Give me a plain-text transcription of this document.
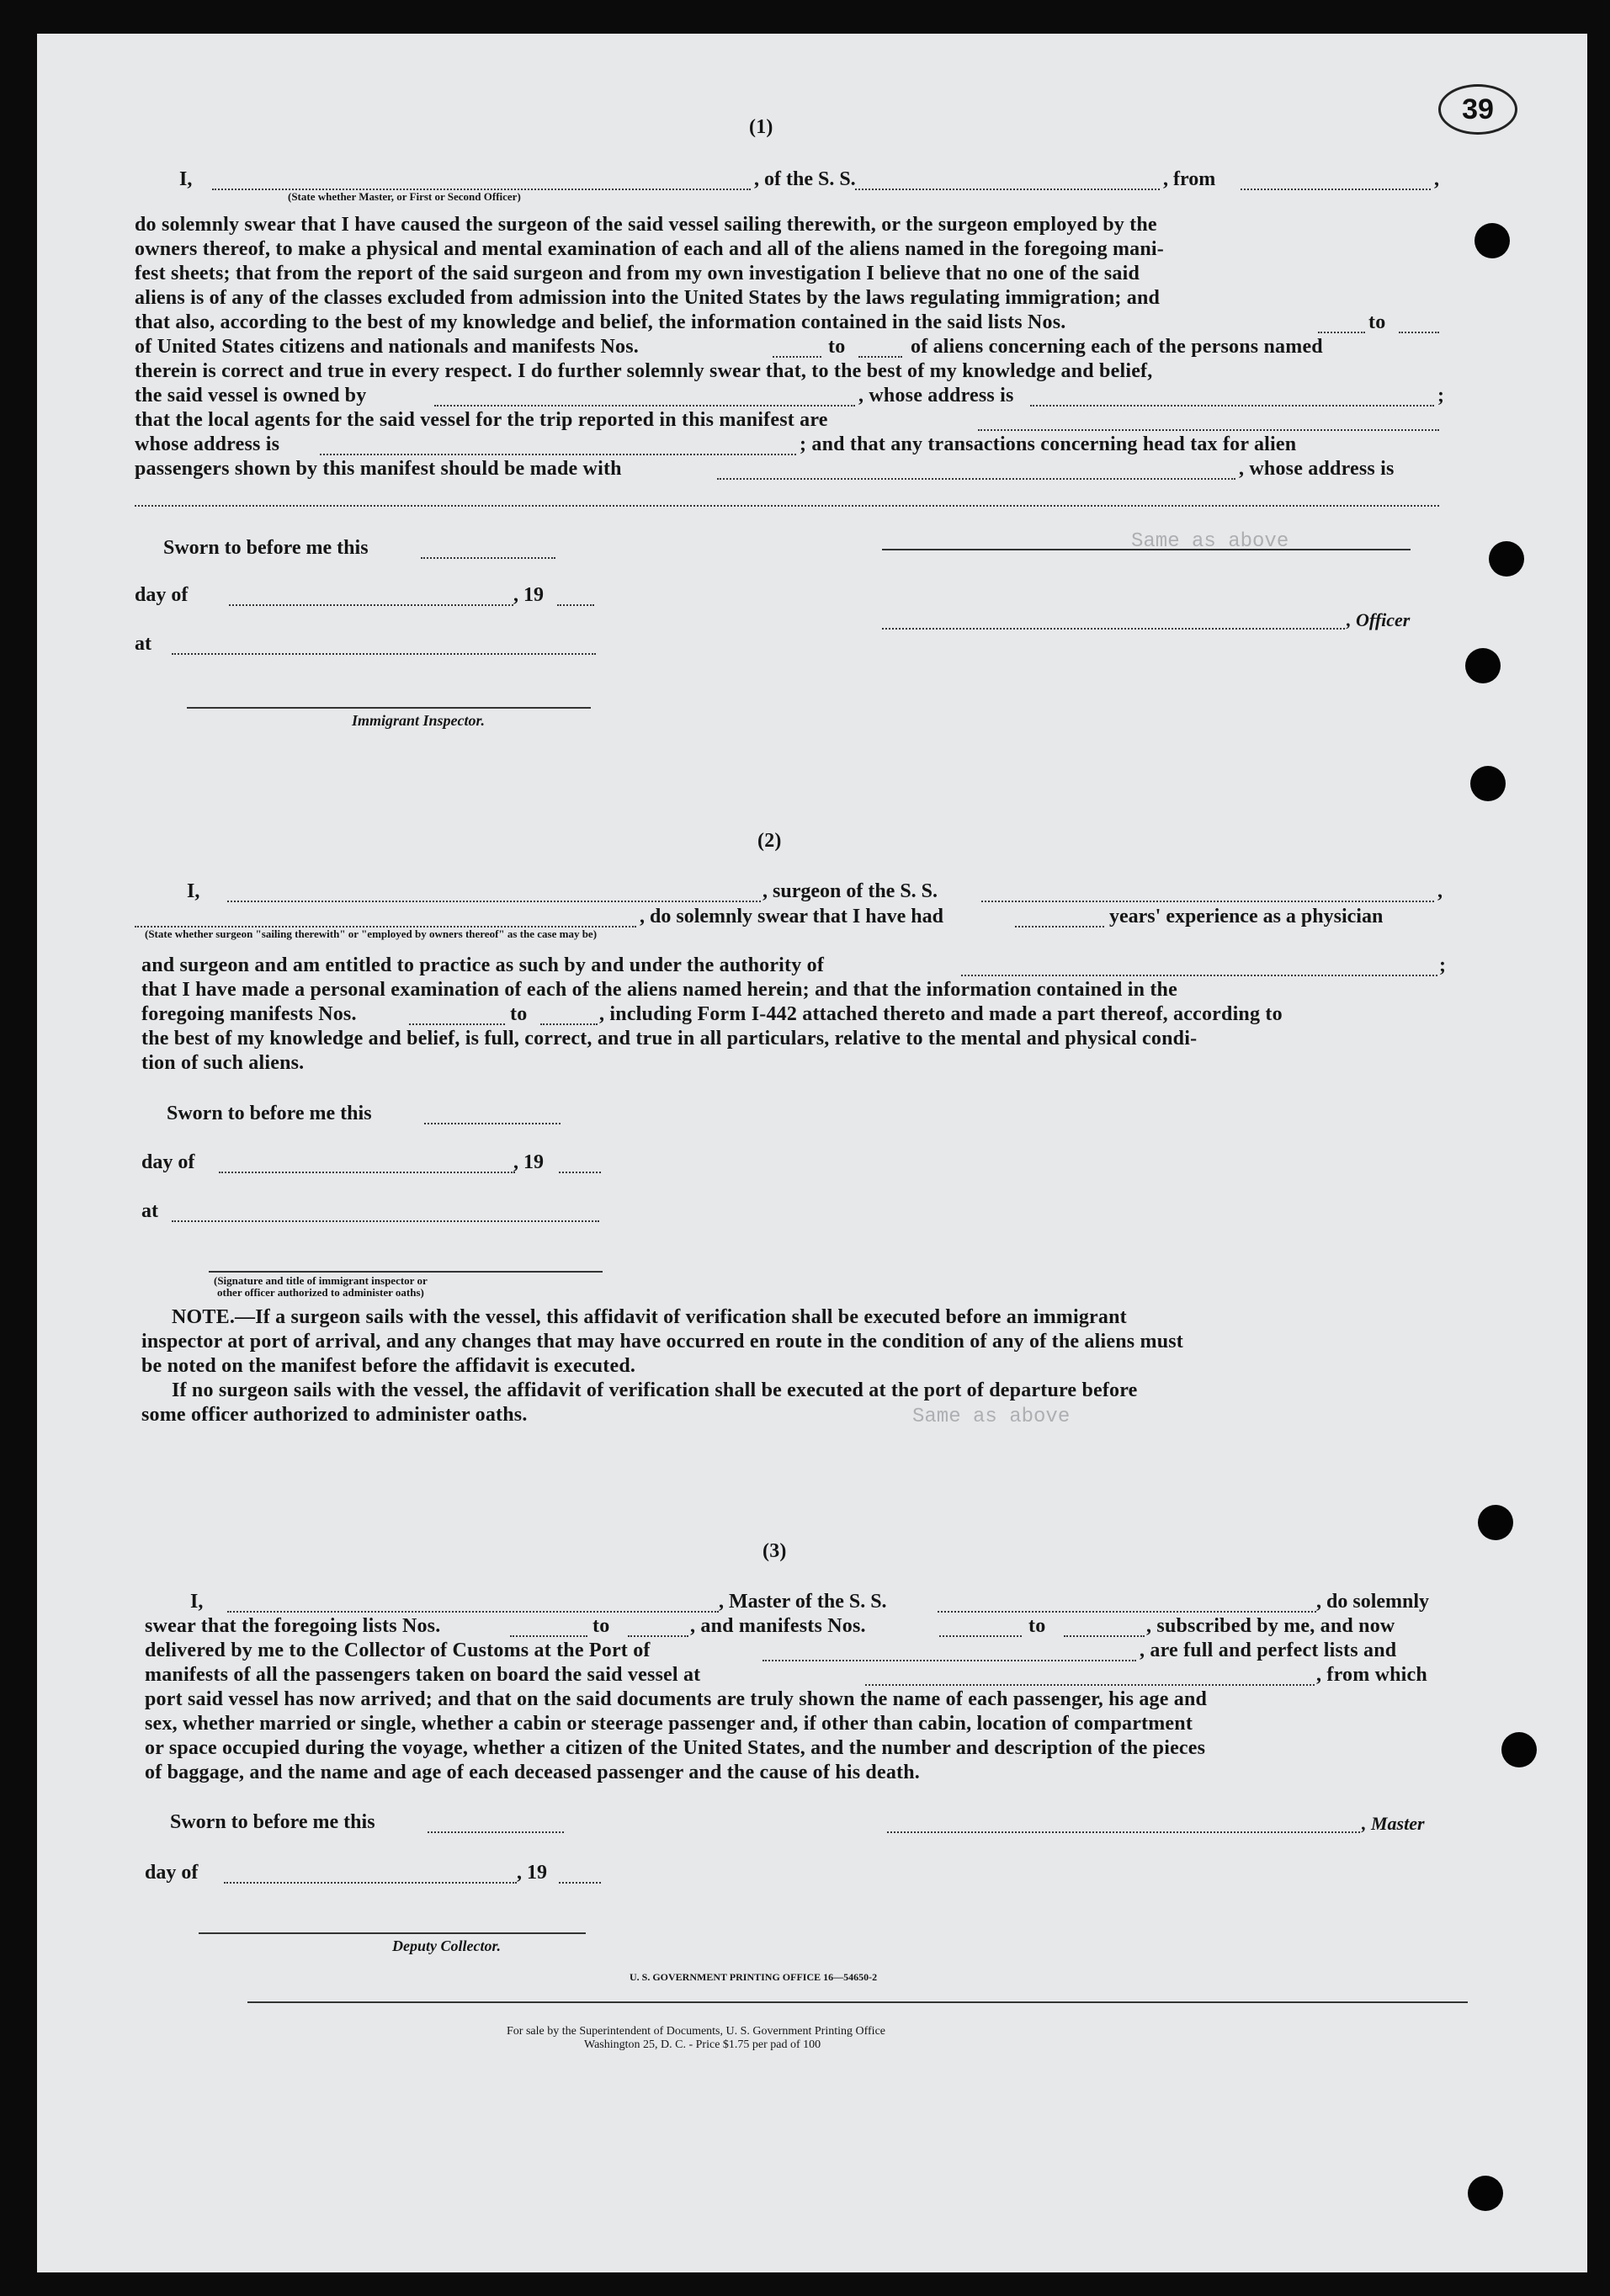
39
Same as above
Same as above
(1)
I,	, of the S. S.	, from	,
(State whether Master, or First or Second Officer)
do solemnly swear that I have caused the surgeon of the said vessel sailing therewith, or the surgeon employed by the
owners thereof, to make a physical and mental examination of each and all of the aliens named in the foregoing mani-
fest sheets; that from the report of the said surgeon and from my own investigation I believe that no one of the said
aliens is of any of the classes excluded from admission into the United States by the laws regulating immigration; and
that also, according to the best of my knowledge and belief, the information contained in the said lists Nos.	to
of United States citizens and nationals and manifests Nos.	to	of aliens concerning each of the persons named
therein is correct and true in every respect. I do further solemnly swear that, to the best of my knowledge and belief,
the said vessel is owned by	, whose address is	;
that the local agents for the said vessel for the trip reported in this manifest are
whose address is	; and that any transactions concerning head tax for alien
passengers shown by this manifest should be made with	, whose address is
Sworn to before me this
day of	, 19
, Officer
at
Immigrant Inspector.
(2)
I,	, surgeon of the S. S.	,
, do solemnly swear that I have had	years' experience as a physician
(State whether surgeon "sailing therewith" or "employed by owners thereof" as the case may be)
and surgeon and am entitled to practice as such by and under the authority of	;
that I have made a personal examination of each of the aliens named herein; and that the information contained in the
foregoing manifests Nos.	to	, including Form I-442 attached thereto and made a part thereof, according to
the best of my knowledge and belief, is full, correct, and true in all particulars, relative to the mental and physical condi-
tion of such aliens.
Sworn to before me this
day of	, 19
at
(Signature and title of immigrant inspector or
other officer authorized to administer oaths)
NOTE.—If a surgeon sails with the vessel, this affidavit of verification shall be executed before an immigrant
inspector at port of arrival, and any changes that may have occurred en route in the condition of any of the aliens must
be noted on the manifest before the affidavit is executed.
If no surgeon sails with the vessel, the affidavit of verification shall be executed at the port of departure before
some officer authorized to administer oaths.
(3)
I,	, Master of the S. S.	, do solemnly
swear that the foregoing lists Nos.	to	, and manifests Nos.	to	, subscribed by me, and now
delivered by me to the Collector of Customs at the Port of	, are full and perfect lists and
manifests of all the passengers taken on board the said vessel at	, from which
port said vessel has now arrived; and that on the said documents are truly shown the name of each passenger, his age and
sex, whether married or single, whether a cabin or steerage passenger and, if other than cabin, location of compartment
or space occupied during the voyage, whether a citizen of the United States, and the number and description of the pieces
of baggage, and the name and age of each deceased passenger and the cause of his death.
Sworn to before me this	, Master
day of	, 19
Deputy Collector.
U. S. GOVERNMENT PRINTING OFFICE 16—54650-2
For sale by the Superintendent of Documents, U. S. Government Printing Office
Washington 25, D. C. - Price $1.75 per pad of 100
